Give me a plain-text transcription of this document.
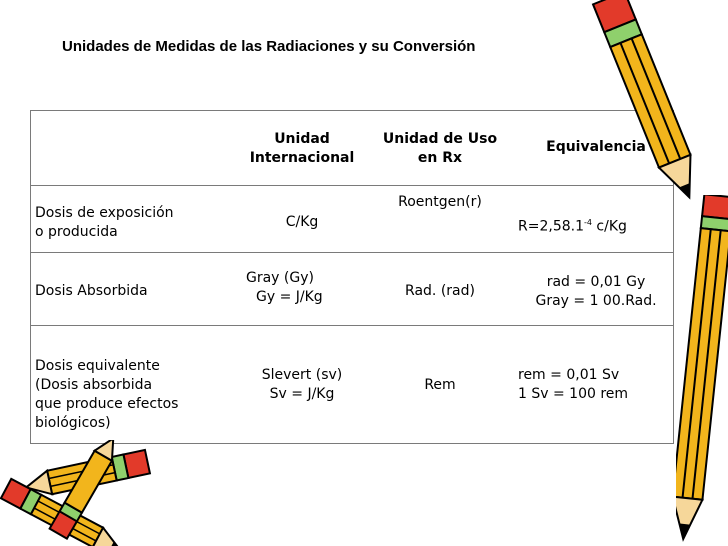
Unidades de Medidas de las Radiaciones y su Conversión
Unidad
Internacional
Unidad de Uso
en Rx
Equivalencia
Dosis de exposición
o producida
C/Kg
Roentgen(r)
$R=2,58.1^{-4}$ c/Kg
Dosis Absorbida
Gray (Gy)
Gy = J/Kg	Rad. (rad)
rad = 0,01 Gy
Gray = 1 00.Rad.
Dosis equivalente
(Dosis absorbida
que produce efectos
biológicos)
Slevert (sv)
Sv = J/Kg
Rem
rem = 0,01 Sv
1 Sv = 100 rem
